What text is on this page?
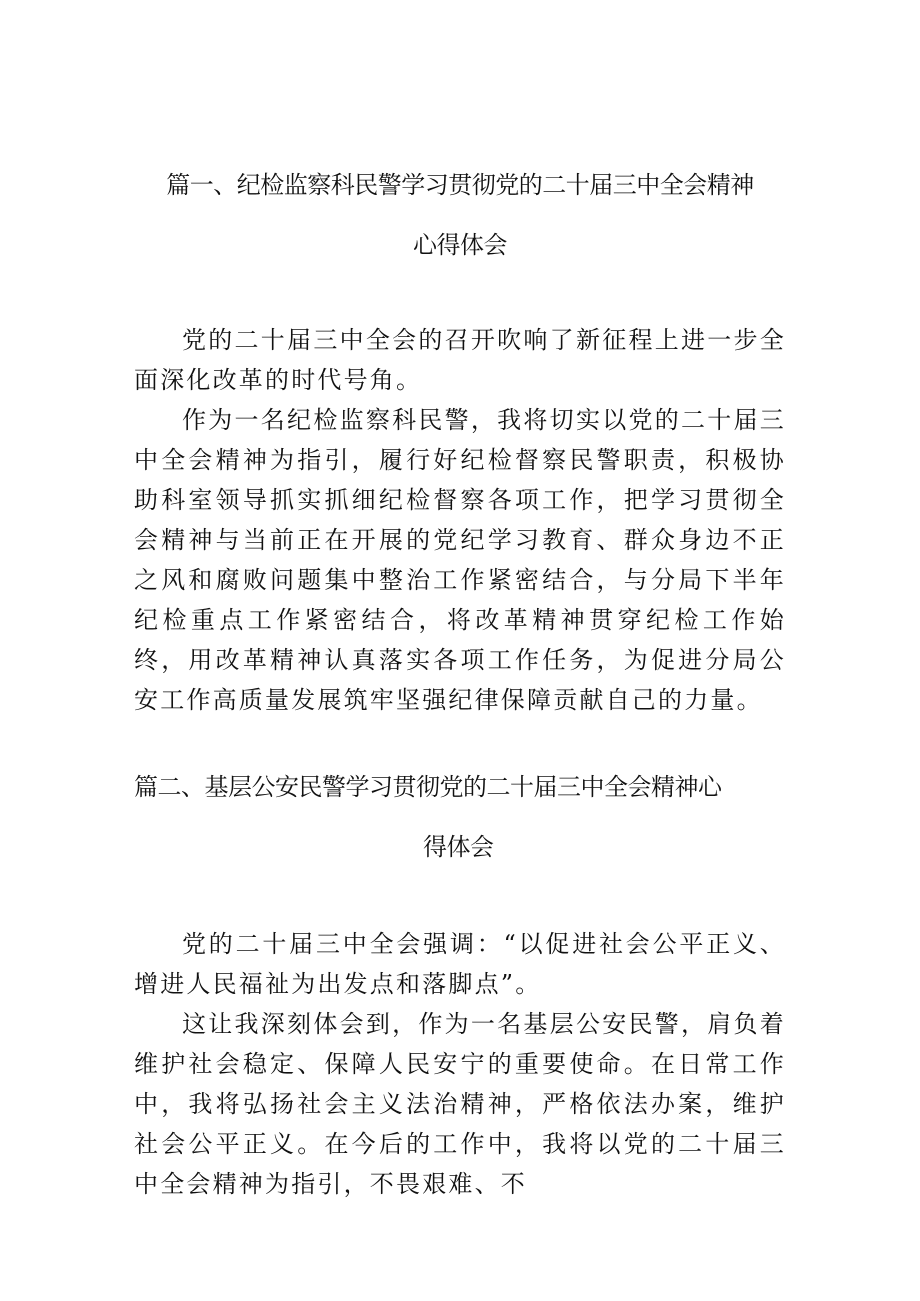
篇一、纪检监察科民警学习贯彻党的二十届三中全会精神
心得体会

党的二十届三中全会的召开吹响了新征程上进一步全面深化改革的时代号角。

作为一名纪检监察科民警，我将切实以党的二十届三中全会精神为指引，履行好纪检督察民警职责，积极协助科室领导抓实抓细纪检督察各项工作，把学习贯彻全会精神与当前正在开展的党纪学习教育、群众身边不正之风和腐败问题集中整治工作紧密结合，与分局下半年纪检重点工作紧密结合，将改革精神贯穿纪检工作始终，用改革精神认真落实各项工作任务，为促进分局公安工作高质量发展筑牢坚强纪律保障贡献自己的力量。

篇二、基层公安民警学习贯彻党的二十届三中全会精神心
得体会

党的二十届三中全会强调：“以促进社会公平正义、增进人民福祉为出发点和落脚点”。

这让我深刻体会到，作为一名基层公安民警，肩负着维护社会稳定、保障人民安宁的重要使命。在日常工作中，我将弘扬社会主义法治精神，严格依法办案，维护社会公平正义。在今后的工作中，我将以党的二十届三中全会精神为指引，不畏艰难、不
